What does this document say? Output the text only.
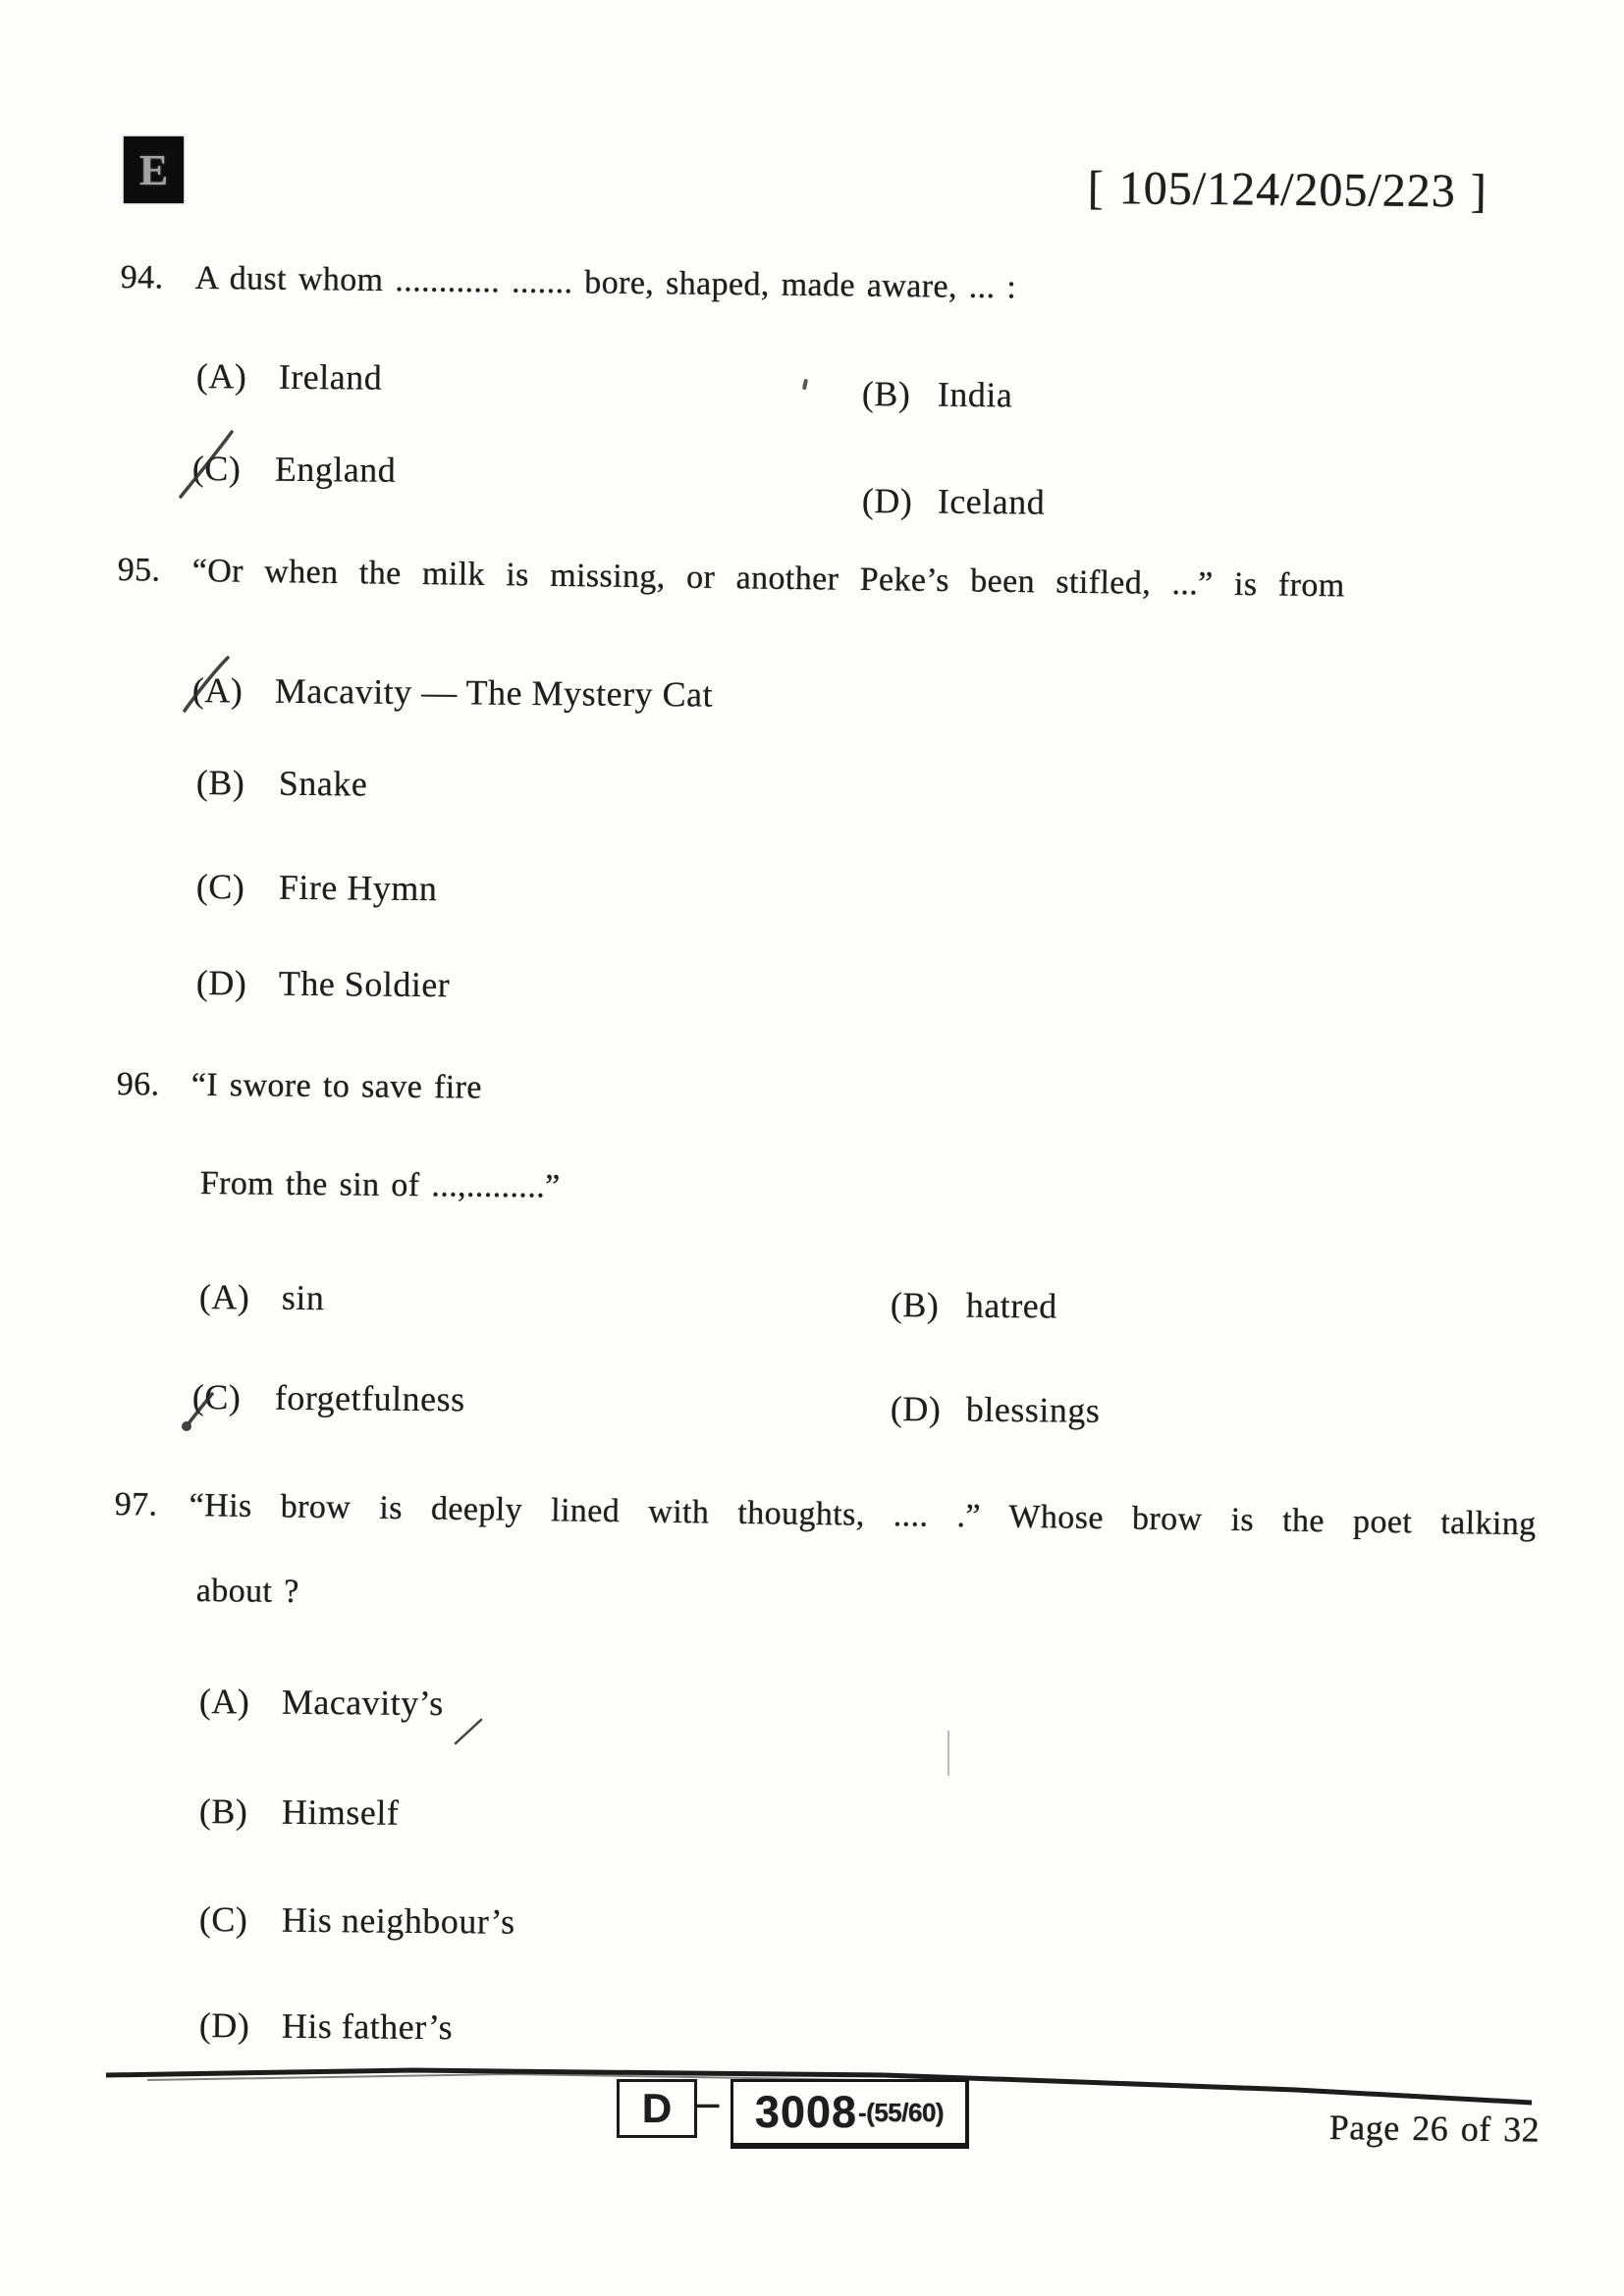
E	[ 105/124/205/223 ]
94. A dust whom ............ ....... bore, shaped, made aware, ... :
(A) Ireland	(B) India
(C) England
(D) Iceland
95. “Or when the milk is missing, or another Peke’s been stifled, ...” is from
(A) Macavity — The Mystery Cat
(B) Snake
(C) Fire Hymn
(D) The Soldier
96. “I swore to save fire
From the sin of ...,.........”
(A) sin	(B) hatred
(C) forgetfulness	(D) blessings
97. “His brow is deeply lined with thoughts, .... .” Whose brow is the poet talking
about ?
(A) Macavity’s
(B) Himself
(C) His neighbour’s
(D) His father’s
D – 3008 -(55/60)	Page 26 of 32
